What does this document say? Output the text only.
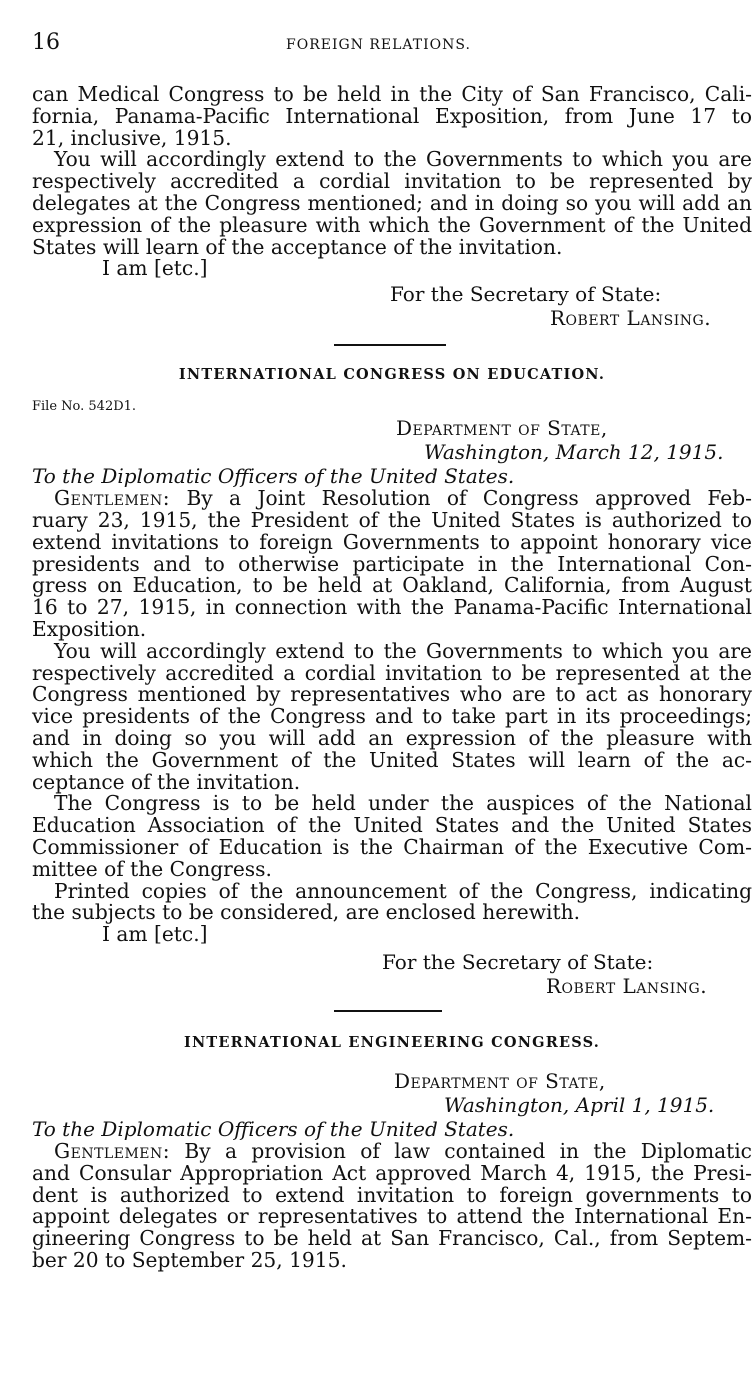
16	FOREIGN RELATIONS.
can Medical Congress to be held in the City of San Francisco, Cali-
fornia, Panama-Pacific International Exposition, from June 17 to
21, inclusive, 1915.
You will accordingly extend to the Governments to which you are
respectively accredited a cordial invitation to be represented by
delegates at the Congress mentioned; and in doing so you will add an
expression of the pleasure with which the Government of the United
States will learn of the acceptance of the invitation.
I am [etc.]
For the Secretary of State:
Robert Lansing.
INTERNATIONAL CONGRESS ON EDUCATION.
File No. 542D1.
Department of State,
Washington, March 12, 1915.
To the Diplomatic Officers of the United States.
Gentlemen: By a Joint Resolution of Congress approved Feb-
ruary 23, 1915, the President of the United States is authorized to
extend invitations to foreign Governments to appoint honorary vice
presidents and to otherwise participate in the International Con-
gress on Education, to be held at Oakland, California, from August
16 to 27, 1915, in connection with the Panama-Pacific International
Exposition.
You will accordingly extend to the Governments to which you are
respectively accredited a cordial invitation to be represented at the
Congress mentioned by representatives who are to act as honorary
vice presidents of the Congress and to take part in its proceedings;
and in doing so you will add an expression of the pleasure with
which the Government of the United States will learn of the ac-
ceptance of the invitation.
The Congress is to be held under the auspices of the National
Education Association of the United States and the United States
Commissioner of Education is the Chairman of the Executive Com-
mittee of the Congress.
Printed copies of the announcement of the Congress, indicating
the subjects to be considered, are enclosed herewith.
I am [etc.]
For the Secretary of State:
Robert Lansing.
INTERNATIONAL ENGINEERING CONGRESS.
Department of State,
Washington, April 1, 1915.
To the Diplomatic Officers of the United States.
Gentlemen: By a provision of law contained in the Diplomatic
and Consular Appropriation Act approved March 4, 1915, the Presi-
dent is authorized to extend invitation to foreign governments to
appoint delegates or representatives to attend the International En-
gineering Congress to be held at San Francisco, Cal., from Septem-
ber 20 to September 25, 1915.
